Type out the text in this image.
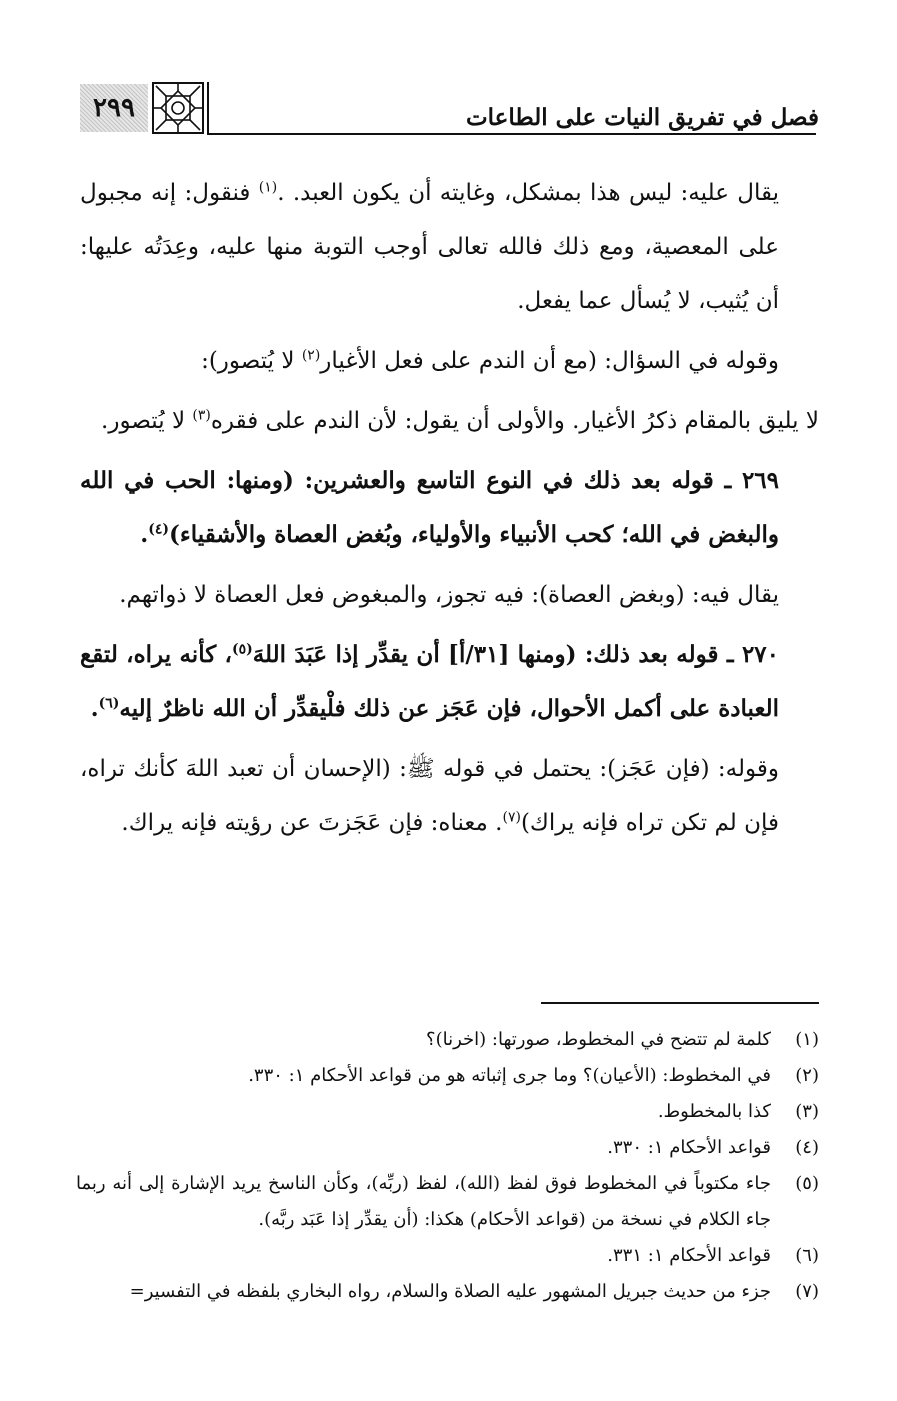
٢٩٩	فصل في تفريق النيات على الطاعات

يقال عليه: ليس هذا بمشكل، وغايته أن يكون العبد. .$^{(١)}$ فنقول: إنه مجبول على المعصية، ومع ذلك فالله تعالى أوجب التوبة منها عليه، وعِدَتُه عليها: أن يُثيب، لا يُسأل عما يفعل.

وقوله في السؤال: (مع أن الندم على فعل الأغيار$^{(٢)}$ لا يُتصور):

لا يليق بالمقام ذكرُ الأغيار. والأولى أن يقول: لأن الندم على فقره$^{(٣)}$ لا يُتصور.

٢٦٩ ـ قوله بعد ذلك في النوع التاسع والعشرين: (ومنها: الحب في الله والبغض في الله؛ كحب الأنبياء والأولياء، وبُغض العصاة والأشقياء)$^{(٤)}$.

يقال فيه: (وبغض العصاة): فيه تجوز، والمبغوض فعل العصاة لا ذواتهم.

٢٧٠ ـ قوله بعد ذلك: (ومنها [٣١/أ] أن يقدِّر إذا عَبَدَ اللهَ$^{(٥)}$، كأنه يراه، لتقع العبادة على أكمل الأحوال، فإن عَجَز عن ذلك فلْيقدِّر أن الله ناظرٌ إليه$^{(٦)}$.

وقوله: (فإن عَجَز): يحتمل في قوله ﷺ: (الإحسان أن تعبد اللهَ كأنك تراه، فإن لم تكن تراه فإنه يراك)$^{(٧)}$. معناه: فإن عَجَزتَ عن رؤيته فإنه يراك.

(١)
كلمة لم تتضح في المخطوط، صورتها: (اخرنا)؟
(٢)
في المخطوط: (الأعيان)؟ وما جرى إثباته هو من قواعد الأحكام ١: ٣٣٠.
(٣)
كذا بالمخطوط.
(٤)
قواعد الأحكام ١: ٣٣٠.
(٥)
جاء مكتوباً في المخطوط فوق لفظ (الله)، لفظ (ربِّه)، وكأن الناسخ يريد الإشارة إلى أنه ربما جاء الكلام في نسخة من (قواعد الأحكام) هكذا: (أن يقدِّر إذا عَبَد ربَّه).
(٦)
قواعد الأحكام ١: ٣٣١.
(٧)
جزء من حديث جبريل المشهور عليه الصلاة والسلام، رواه البخاري بلفظه في التفسير=
